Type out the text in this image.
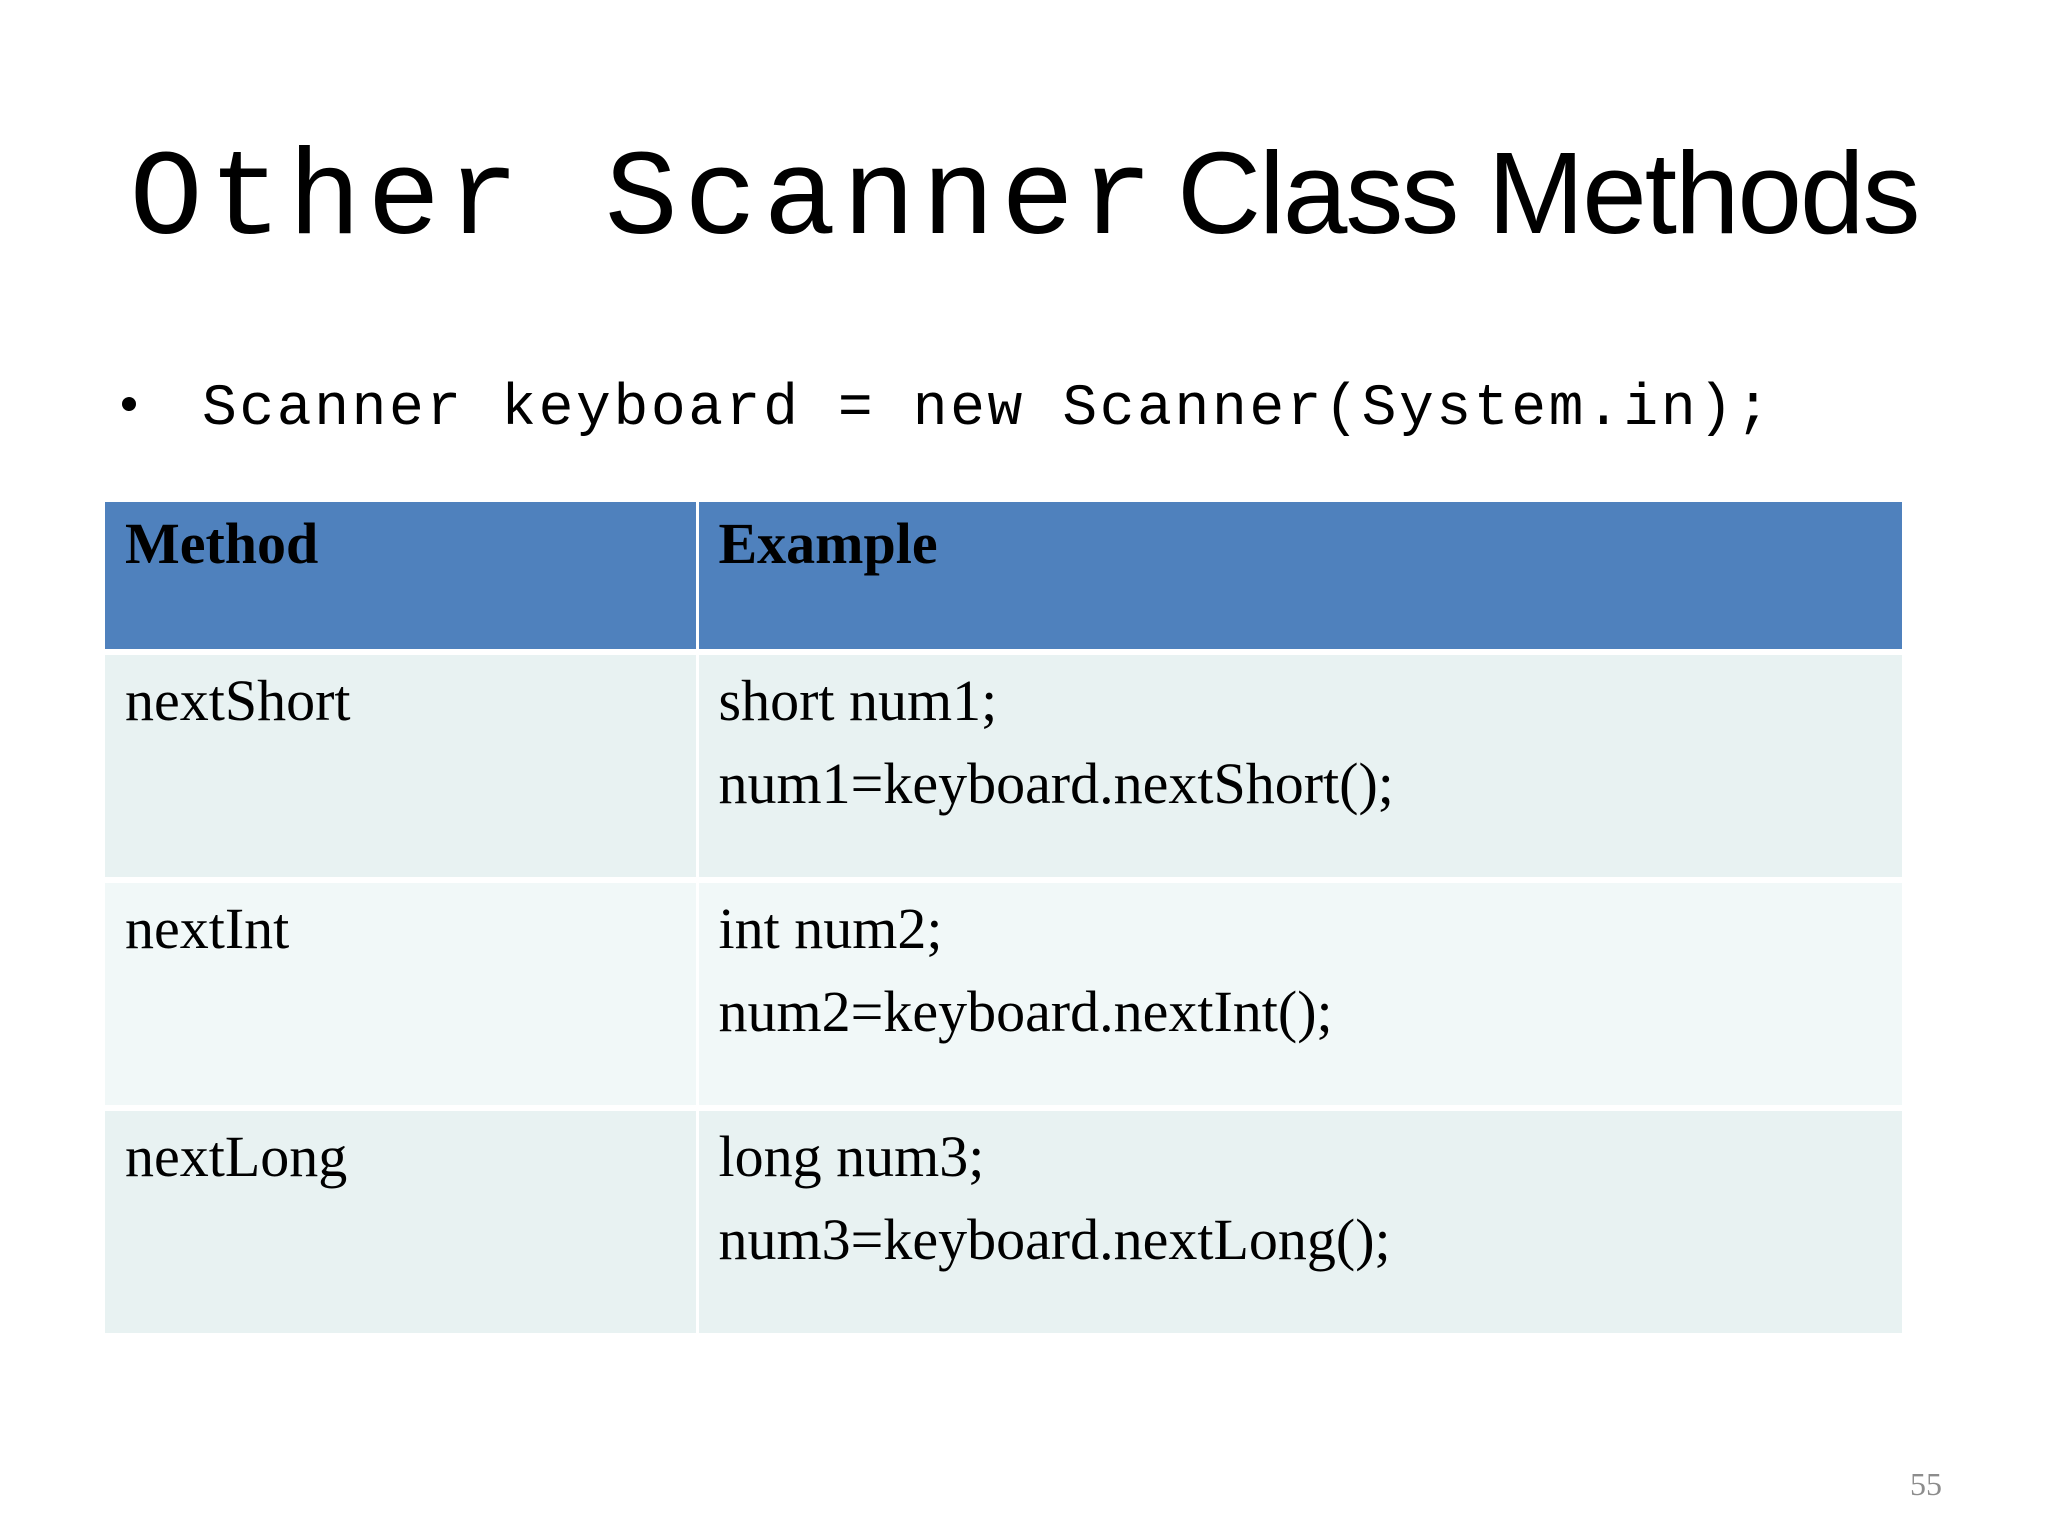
Other Scanner Class Methods
Scanner keyboard = new Scanner(System.in);
Method	Example
nextShort	short num1;
num1=keyboard.nextShort();

nextInt	int num2;
num2=keyboard.nextInt();

nextLong	long num3;
num3=keyboard.nextLong();
55
